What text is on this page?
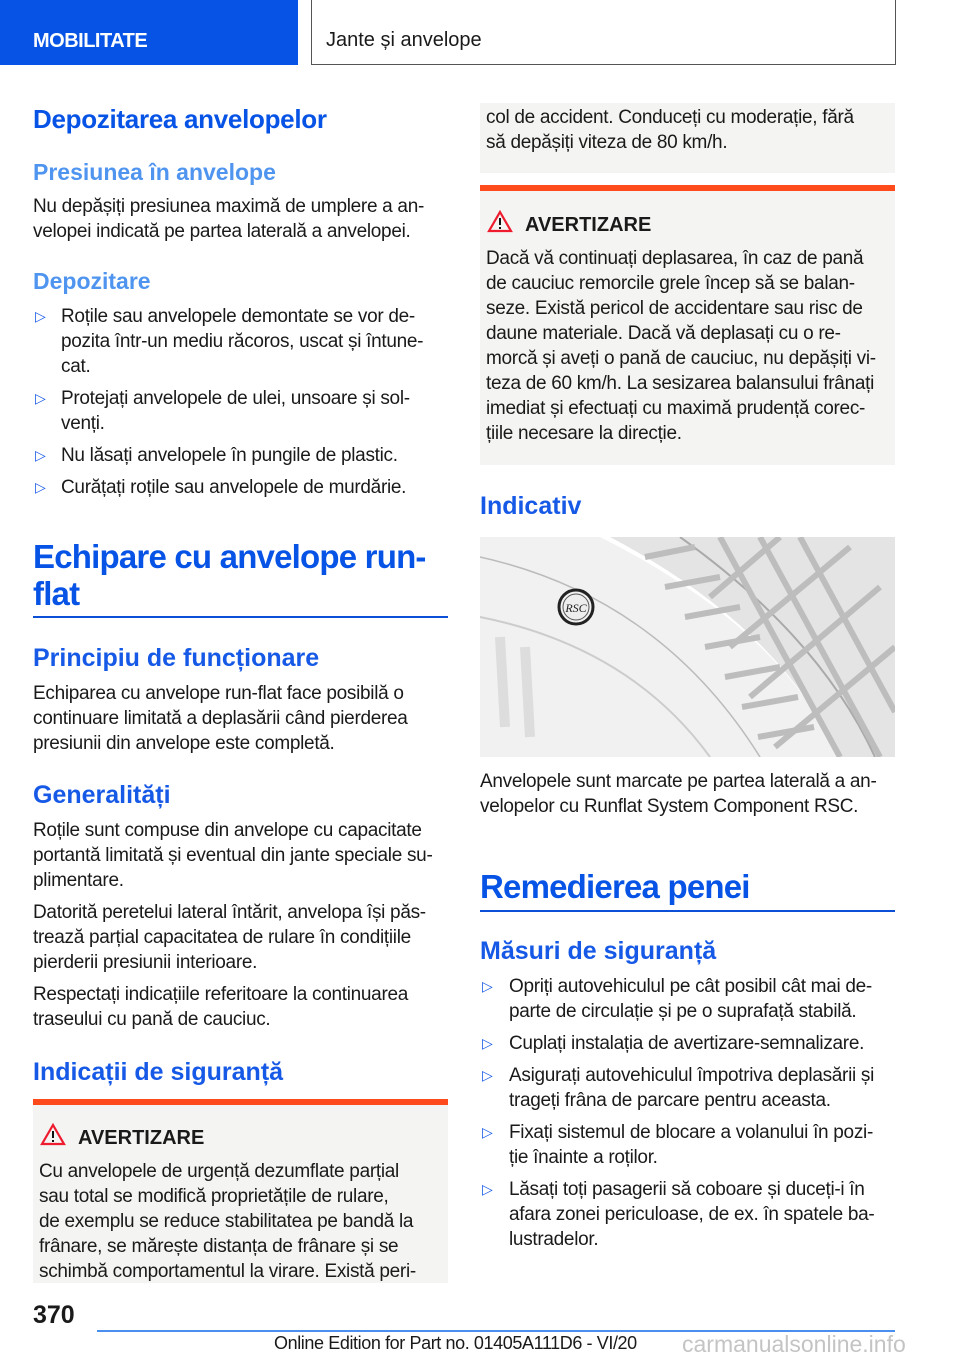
MOBILITATE	Jante și anvelope
Depozitarea anvelopelor
Presiunea în anvelope
Nu depășiți presiunea maximă de umplere a an-
velopei indicată pe partea laterală a anvelopei.
Depozitare
▷ Roțile sau anvelopele demontate se vor de-
pozita într-un mediu răcoros, uscat și întune-
cat.
▷ Protejați anvelopele de ulei, unsoare și sol-
venți.
▷ Nu lăsați anvelopele în pungile de plastic.
▷ Curățați roțile sau anvelopele de murdărie.
Echipare cu anvelope run-
flat
Principiu de funcționare
Echiparea cu anvelope run-flat face posibilă o
continuare limitată a deplasării când pierderea
presiunii din anvelope este completă.
Generalități
Roțile sunt compuse din anvelope cu capacitate
portantă limitată și eventual din jante speciale su-
plimentare.
Datorită peretelui lateral întărit, anvelopa își păs-
trează parțial capacitatea de rulare în condițiile
pierderii presiunii interioare.
Respectați indicațiile referitoare la continuarea
traseului cu pană de cauciuc.
Indicații de siguranță
AVERTIZARE
Cu anvelopele de urgență dezumflate parțial
sau total se modifică proprietățile de rulare,
de exemplu se reduce stabilitatea pe bandă la
frânare, se mărește distanța de frânare și se
schimbă comportamentul la virare. Există peri-
col de accident. Conduceți cu moderație, fără
să depășiți viteza de 80 km/h.
AVERTIZARE
Dacă vă continuați deplasarea, în caz de pană
de cauciuc remorcile grele încep să se balan-
seze. Există pericol de accidentare sau risc de
daune materiale. Dacă vă deplasați cu o re-
morcă și aveți o pană de cauciuc, nu depășiți vi-
teza de 60 km/h. La sesizarea balansului frânați
imediat și efectuați cu maximă prudență corec-
țiile necesare la direcție.
Indicativ
RSC
Anvelopele sunt marcate pe partea laterală a an-
velopelor cu Runflat System Component RSC.
Remedierea penei
Măsuri de siguranță
▷ Opriți autovehiculul pe cât posibil cât mai de-
parte de circulație și pe o suprafață stabilă.
▷ Cuplați instalația de avertizare-semnalizare.
▷ Asigurați autovehiculul împotriva deplasării și
trageți frâna de parcare pentru aceasta.
▷ Fixați sistemul de blocare a volanului în pozi-
ție înainte a roților.
▷ Lăsați toți pasagerii să coboare și duceți-i în
afara zonei periculoase, de ex. în spatele ba-
lustradelor.
370
Online Edition for Part no. 01405A111D6 - VI/20 carmanualsonline.info
